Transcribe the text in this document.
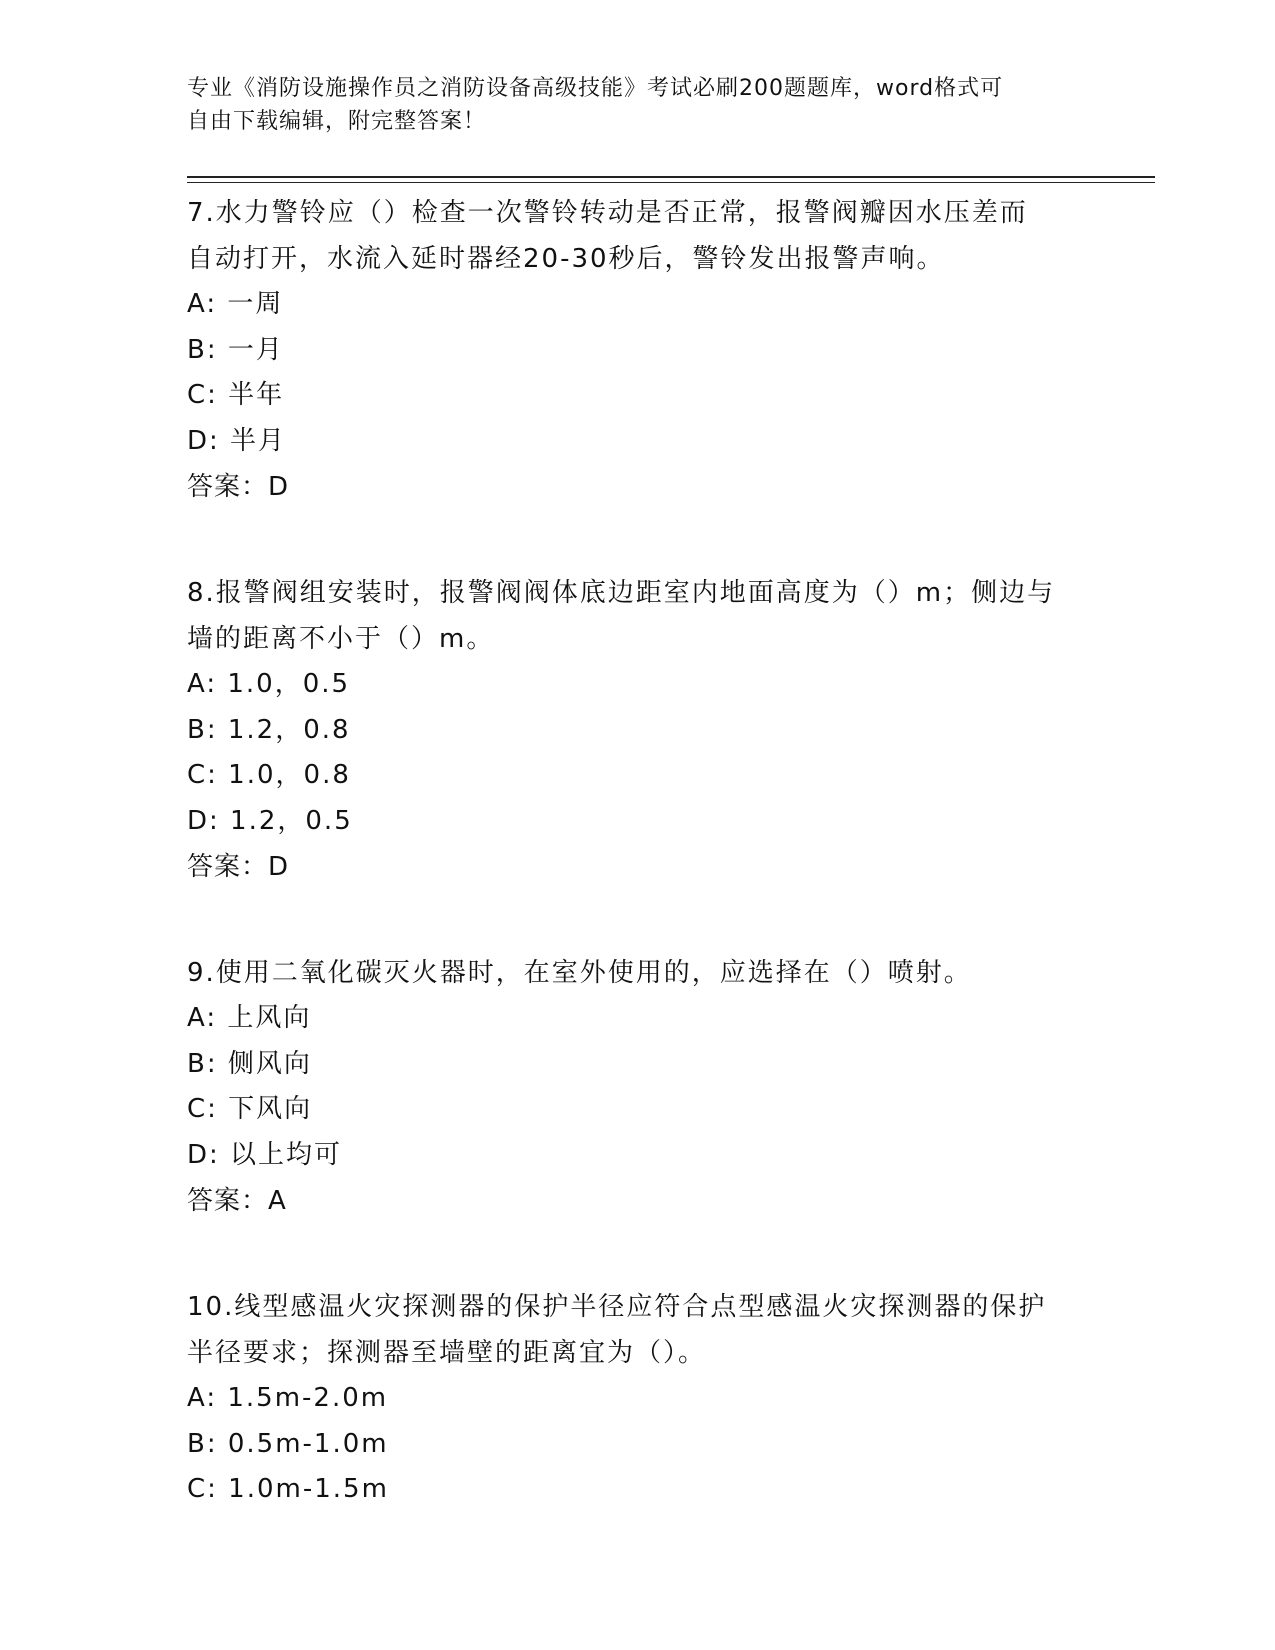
专业《消防设施操作员之消防设备高级技能》考试必刷200题题库，word格式可
自由下载编辑，附完整答案！
7.水力警铃应（）检查一次警铃转动是否正常，报警阀瓣因水压差而
自动打开，水流入延时器经20-30秒后，警铃发出报警声响。
A: 一周
B: 一月
C: 半年
D: 半月
答案：D
8.报警阀组安装时，报警阀阀体底边距室内地面高度为（）m；侧边与
墙的距离不小于（）m。
A: 1.0，0.5
B: 1.2，0.8
C: 1.0，0.8
D: 1.2，0.5
答案：D
9.使用二氧化碳灭火器时，在室外使用的，应选择在（）喷射。
A: 上风向
B: 侧风向
C: 下风向
D: 以上均可
答案：A
10.线型感温火灾探测器的保护半径应符合点型感温火灾探测器的保护
半径要求；探测器至墙壁的距离宜为（）。
A: 1.5m-2.0m
B: 0.5m-1.0m
C: 1.0m-1.5m
